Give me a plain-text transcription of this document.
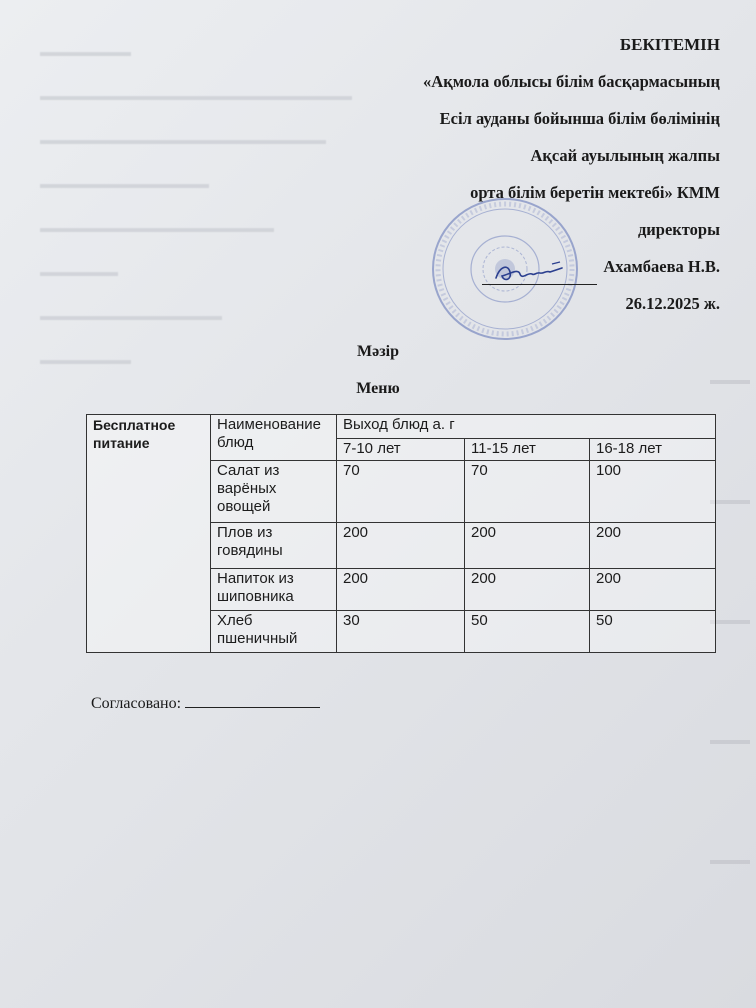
▬▬▬▬▬▬▬
▬▬▬▬▬▬▬▬▬▬▬▬▬▬▬▬▬▬▬▬▬▬▬▬
▬▬▬▬▬▬▬▬▬▬▬▬▬▬▬▬▬▬▬▬▬▬
▬▬▬▬▬▬▬▬▬▬▬▬▬
▬▬▬▬▬▬▬▬▬▬▬▬▬▬▬▬▬▬
▬▬▬▬▬▬
▬▬▬▬▬▬▬▬▬▬▬▬▬▬
▬▬▬▬▬▬▬
БЕКІТЕМІН
«Ақмола облысы білім басқармасының
Есіл ауданы бойынша білім бөлімінің
Ақсай ауылының жалпы
орта білім беретін мектебі» КММ
директоры
Ахамбаева Н.В.
26.12.2025 ж.
Мәзір
Меню
Бесплатное питание	Наименование блюд	Выход блюд а. г		
		7-10 лет	11-15 лет	16-18 лет
	Салат из варёных овощей	70	70	100
	Плов из говядины	200	200	200
	Напиток из шиповника	200	200	200
	Хлеб пшеничный	30	50	50
Согласовано:
